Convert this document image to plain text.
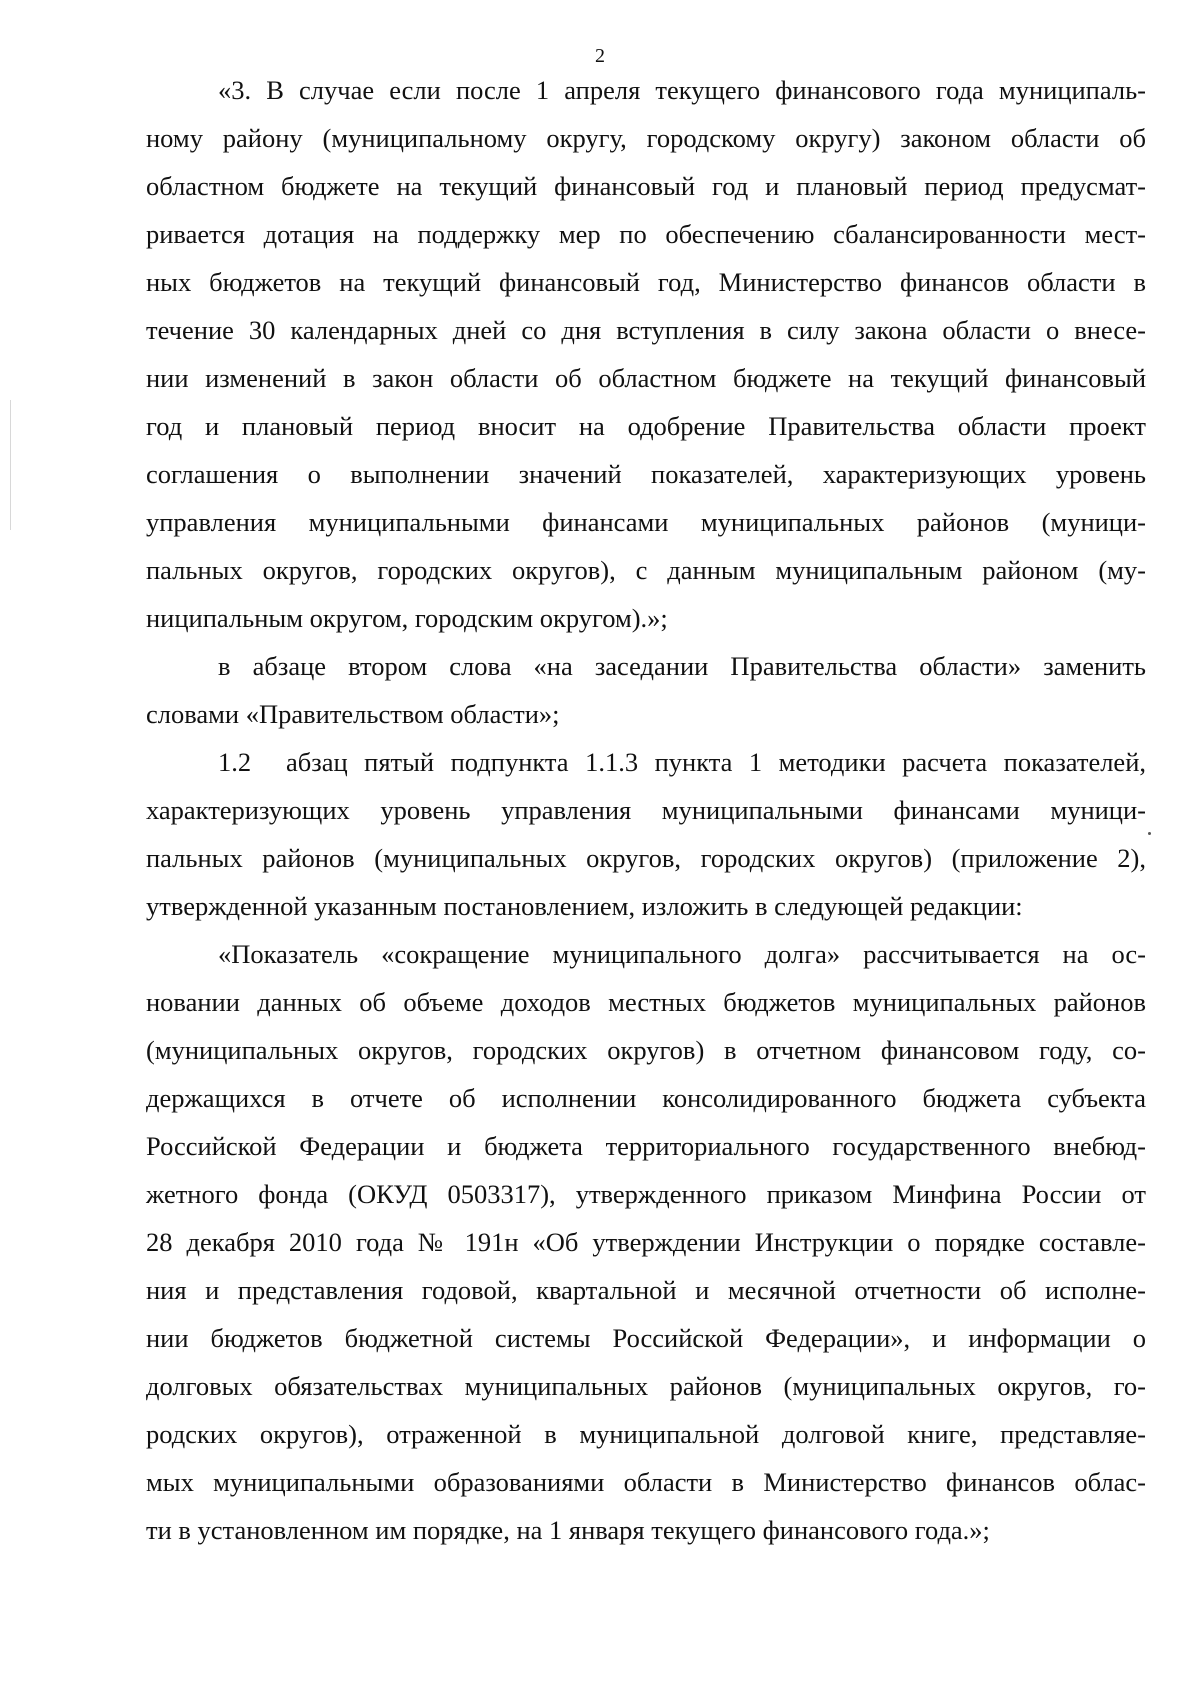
2
«3. В случае если после 1 апреля текущего финансового года муниципаль-
ному району (муниципальному округу, городскому округу) законом области об
областном бюджете на текущий финансовый год и плановый период предусмат-
ривается дотация на поддержку мер по обеспечению сбалансированности мест-
ных бюджетов на текущий финансовый год, Министерство финансов области в
течение 30 календарных дней со дня вступления в силу закона области о внесе-
нии изменений в закон области об областном бюджете на текущий финансовый
год и плановый период вносит на одобрение Правительства области проект
соглашения о выполнении значений показателей, характеризующих уровень
управления муниципальными финансами муниципальных районов (муници-
пальных округов, городских округов), с данным муниципальным районом (му-
ниципальным округом, городским округом).»;
в абзаце втором слова «на заседании Правительства области» заменить
словами «Правительством области»;
1.2 абзац пятый подпункта 1.1.3 пункта 1 методики расчета показателей,
характеризующих уровень управления муниципальными финансами муници-
пальных районов (муниципальных округов, городских округов) (приложение 2),
утвержденной указанным постановлением, изложить в следующей редакции:
«Показатель «сокращение муниципального долга» рассчитывается на ос-
новании данных об объеме доходов местных бюджетов муниципальных районов
(муниципальных округов, городских округов) в отчетном финансовом году, со-
держащихся в отчете об исполнении консолидированного бюджета субъекта
Российской Федерации и бюджета территориального государственного внебюд-
жетного фонда (ОКУД 0503317), утвержденного приказом Минфина России от
28 декабря 2010 года № 191н «Об утверждении Инструкции о порядке составле-
ния и представления годовой, квартальной и месячной отчетности об исполне-
нии бюджетов бюджетной системы Российской Федерации», и информации о
долговых обязательствах муниципальных районов (муниципальных округов, го-
родских округов), отраженной в муниципальной долговой книге, представляе-
мых муниципальными образованиями области в Министерство финансов облас-
ти в установленном им порядке, на 1 января текущего финансового года.»;
